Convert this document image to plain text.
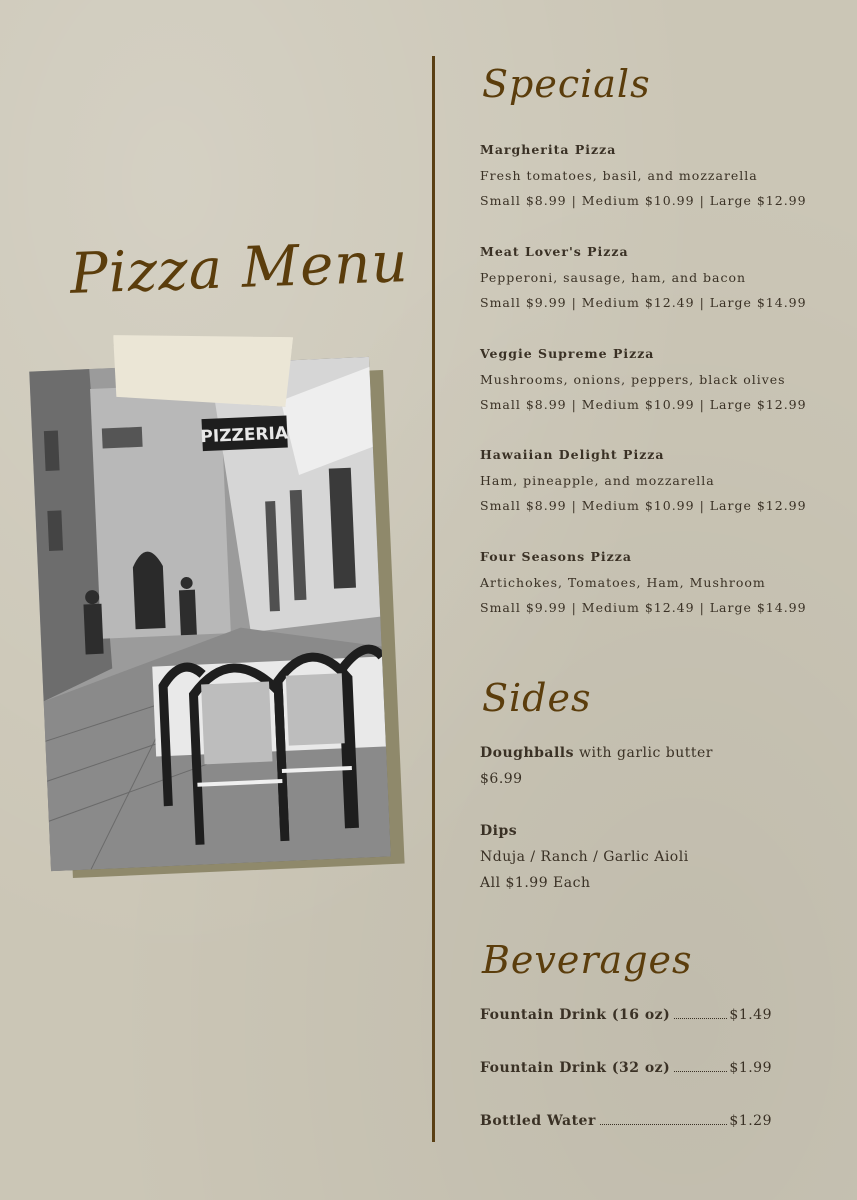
Pizza Menu
PIZZERIA
Specials
Margherita Pizza
Fresh tomatoes, basil, and mozzarella
Small $8.99 | Medium $10.99 | Large $12.99
Meat Lover's Pizza
Pepperoni, sausage, ham, and bacon
Small $9.99 | Medium $12.49 | Large $14.99
Veggie Supreme Pizza
Mushrooms, onions, peppers, black olives
Small $8.99 | Medium $10.99 | Large $12.99
Hawaiian Delight Pizza
Ham, pineapple, and mozzarella
Small $8.99 | Medium $10.99 | Large $12.99
Four Seasons Pizza
Artichokes, Tomatoes, Ham, Mushroom
Small $9.99 | Medium $12.49 | Large $14.99
Sides
Doughballs with garlic butter
$6.99
Dips
Nduja / Ranch / Garlic Aioli
All $1.99 Each
Beverages
Fountain Drink (16 oz)	$1.49
Fountain Drink (32 oz)	$1.99
Bottled Water	$1.29
